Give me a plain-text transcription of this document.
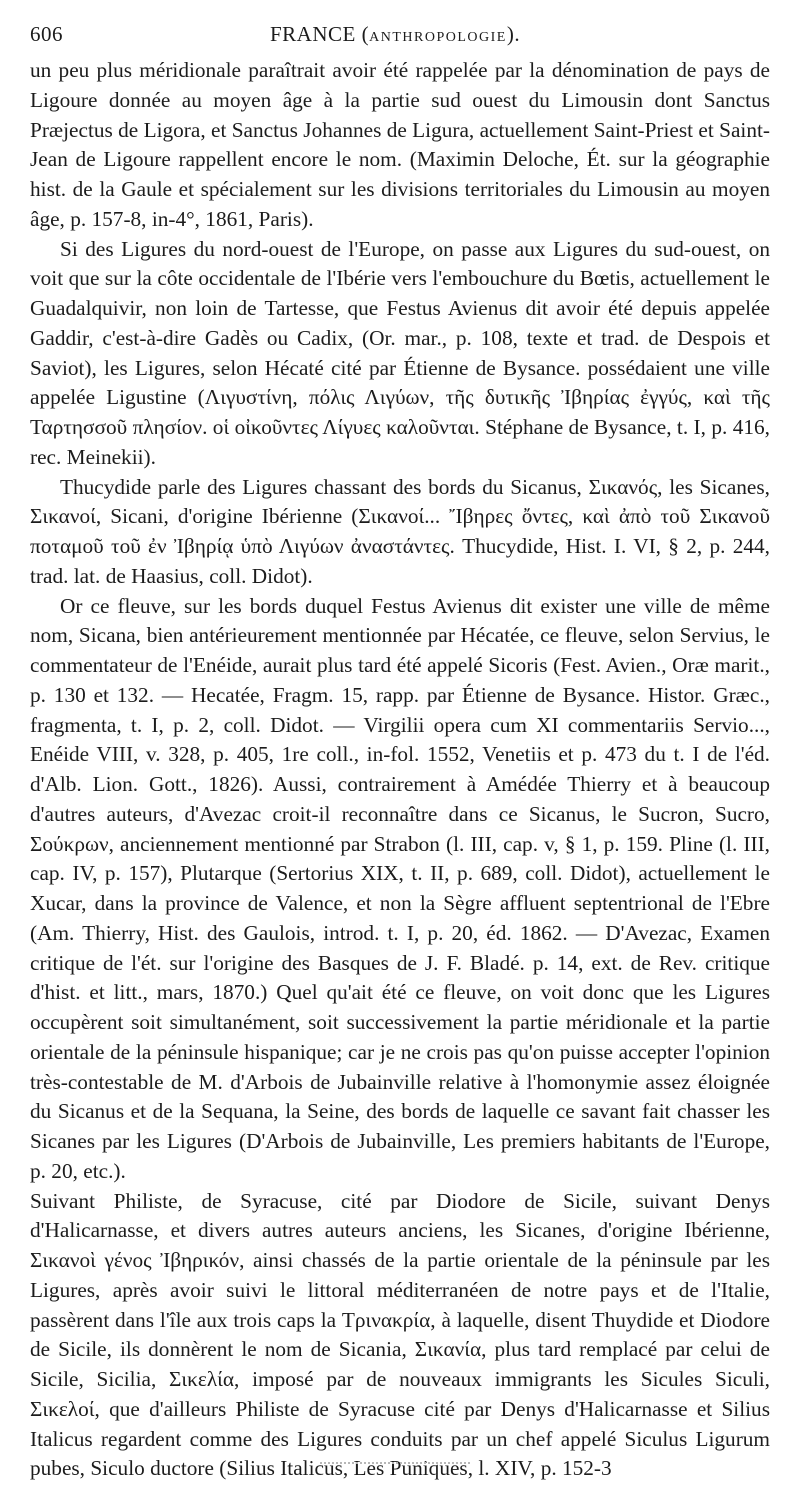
606	FRANCE (ANTHROPOLOGIE).

un peu plus méridionale paraîtrait avoir été rappelée par la dénomination de pays de Ligoure donnée au moyen âge à la partie sud ouest du Limousin dont Sanctus Præjectus de Ligora, et Sanctus Johannes de Ligura, actuellement Saint-Priest et Saint-Jean de Ligoure rappellent encore le nom. (Maximin Deloche, Ét. sur la géographie hist. de la Gaule et spécialement sur les divisions territoriales du Limousin au moyen âge, p. 157-8, in-4°, 1861, Paris).

Si des Ligures du nord-ouest de l'Europe, on passe aux Ligures du sud-ouest, on voit que sur la côte occidentale de l'Ibérie vers l'embouchure du Bœtis, actuellement le Guadalquivir, non loin de Tartesse, que Festus Avienus dit avoir été depuis appelée Gaddir, c'est-à-dire Gadès ou Cadix, (Or. mar., p. 108, texte et trad. de Despois et Saviot), les Ligures, selon Hécaté cité par Étienne de Bysance. possédaient une ville appelée Ligustine (Λιγυστίνη, πόλις Λιγύων, τῆς δυτικῆς Ἰβηρίας ἐγγύς, καὶ τῆς Ταρτησσοῦ πλησίον. οἱ οἰκοῦντες Λίγυες καλοῦνται. Stéphane de Bysance, t. I, p. 416, rec. Meinekii).

Thucydide parle des Ligures chassant des bords du Sicanus, Σικανός, les Sicanes, Σικανοί, Sicani, d'origine Ibérienne (Σικανοί... Ἴβηρες ὄντες, καὶ ἀπὸ τοῦ Σικανοῦ ποταμοῦ τοῦ ἐν Ἰβηρίᾳ ὑπὸ Λιγύων ἀναστάντες. Thucydide, Hist. I. VI, § 2, p. 244, trad. lat. de Haasius, coll. Didot).

Or ce fleuve, sur les bords duquel Festus Avienus dit exister une ville de même nom, Sicana, bien antérieurement mentionnée par Hécatée, ce fleuve, selon Servius, le commentateur de l'Enéide, aurait plus tard été appelé Sicoris (Fest. Avien., Oræ marit., p. 130 et 132. — Hecatée, Fragm. 15, rapp. par Étienne de Bysance. Histor. Græc., fragmenta, t. I, p. 2, coll. Didot. — Virgilii opera cum XI commentariis Servio..., Enéide VIII, v. 328, p. 405, 1re coll., in-fol. 1552, Venetiis et p. 473 du t. I de l'éd. d'Alb. Lion. Gott., 1826). Aussi, contrairement à Amédée Thierry et à beaucoup d'autres auteurs, d'Avezac croit-il reconnaître dans ce Sicanus, le Sucron, Sucro, Σούκρων, anciennement mentionné par Strabon (l. III, cap. v, § 1, p. 159. Pline (l. III, cap. IV, p. 157), Plutarque (Sertorius XIX, t. II, p. 689, coll. Didot), actuellement le Xucar, dans la province de Valence, et non la Sègre affluent septentrional de l'Ebre (Am. Thierry, Hist. des Gaulois, introd. t. I, p. 20, éd. 1862. — D'Avezac, Examen critique de l'ét. sur l'origine des Basques de J. F. Bladé. p. 14, ext. de Rev. critique d'hist. et litt., mars, 1870.) Quel qu'ait été ce fleuve, on voit donc que les Ligures occupèrent soit simultanément, soit successivement la partie méridionale et la partie orientale de la péninsule hispanique; car je ne crois pas qu'on puisse accepter l'opinion très-contestable de M. d'Arbois de Jubainville relative à l'homonymie assez éloignée du Sicanus et de la Sequana, la Seine, des bords de laquelle ce savant fait chasser les Sicanes par les Ligures (D'Arbois de Jubainville, Les premiers habitants de l'Europe, p. 20, etc.).

Suivant Philiste, de Syracuse, cité par Diodore de Sicile, suivant Denys d'Halicarnasse, et divers autres auteurs anciens, les Sicanes, d'origine Ibérienne, Σικανοὶ γένος Ἰβηρικόν, ainsi chassés de la partie orientale de la péninsule par les Ligures, après avoir suivi le littoral méditerranéen de notre pays et de l'Italie, passèrent dans l'île aux trois caps la Τρινακρία, à laquelle, disent Thuydide et Diodore de Sicile, ils donnèrent le nom de Sicania, Σικανία, plus tard remplacé par celui de Sicile, Sicilia, Σικελία, imposé par de nouveaux immigrants les Sicules Siculi, Σικελοί, que d'ailleurs Philiste de Syracuse cité par Denys d'Halicarnasse et Silius Italicus regardent comme des Ligures conduits par un chef appelé Siculus Ligurum pubes, Siculo ductore (Silius Italicus, Les Puniques, l. XIV, p. 152-3
